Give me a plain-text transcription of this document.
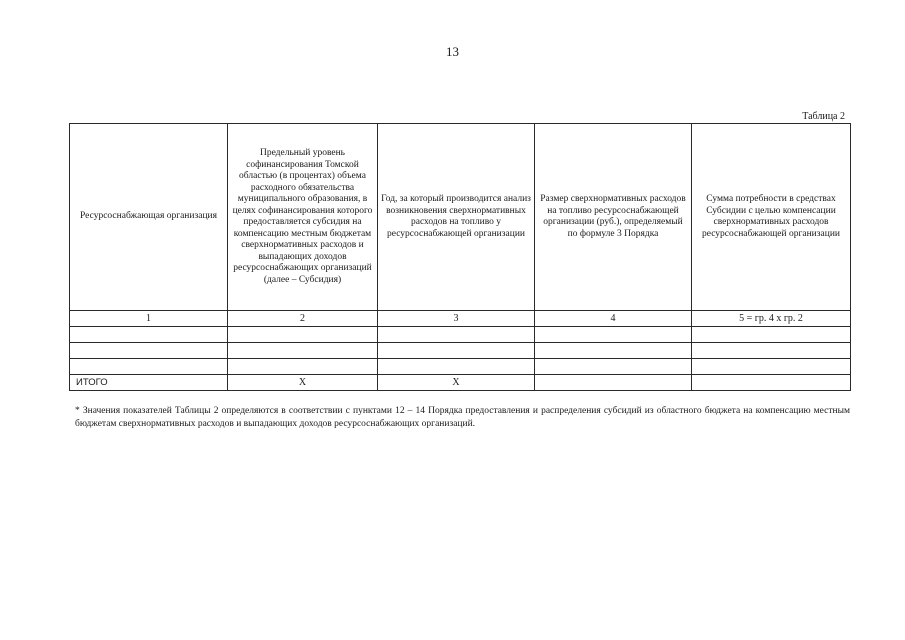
13
Таблица 2
Ресурсоснабжающая организация	Предельный уровень софинансирования Томской областью (в процентах) объема расходного обязательства муниципального образования, в целях софинансирования которого предоставляется субсидия на компенсацию местным бюджетам сверхнормативных расходов и выпадающих доходов ресурсоснабжающих организаций (далее – Субсидия)	Год, за который производится анализ возникновения сверхнормативных расходов на топливо у ресурсоснабжающей организации	Размер сверхнормативных расходов на топливо ресурсоснабжающей организации (руб.), определяемый по формуле 3 Порядка	Сумма потребности в средствах Субсидии с целью компенсации сверхнормативных расходов ресурсоснабжающей организации
1	2	3	4	5 = гр. 4 х гр. 2

ИТОГО	Х	Х		
* Значения показателей Таблицы 2 определяются в соответствии с пунктами 12 – 14 Порядка предоставления и распределения субсидий из областного бюджета на компенсацию местным бюджетам сверхнормативных расходов и выпадающих доходов ресурсоснабжающих организаций.
